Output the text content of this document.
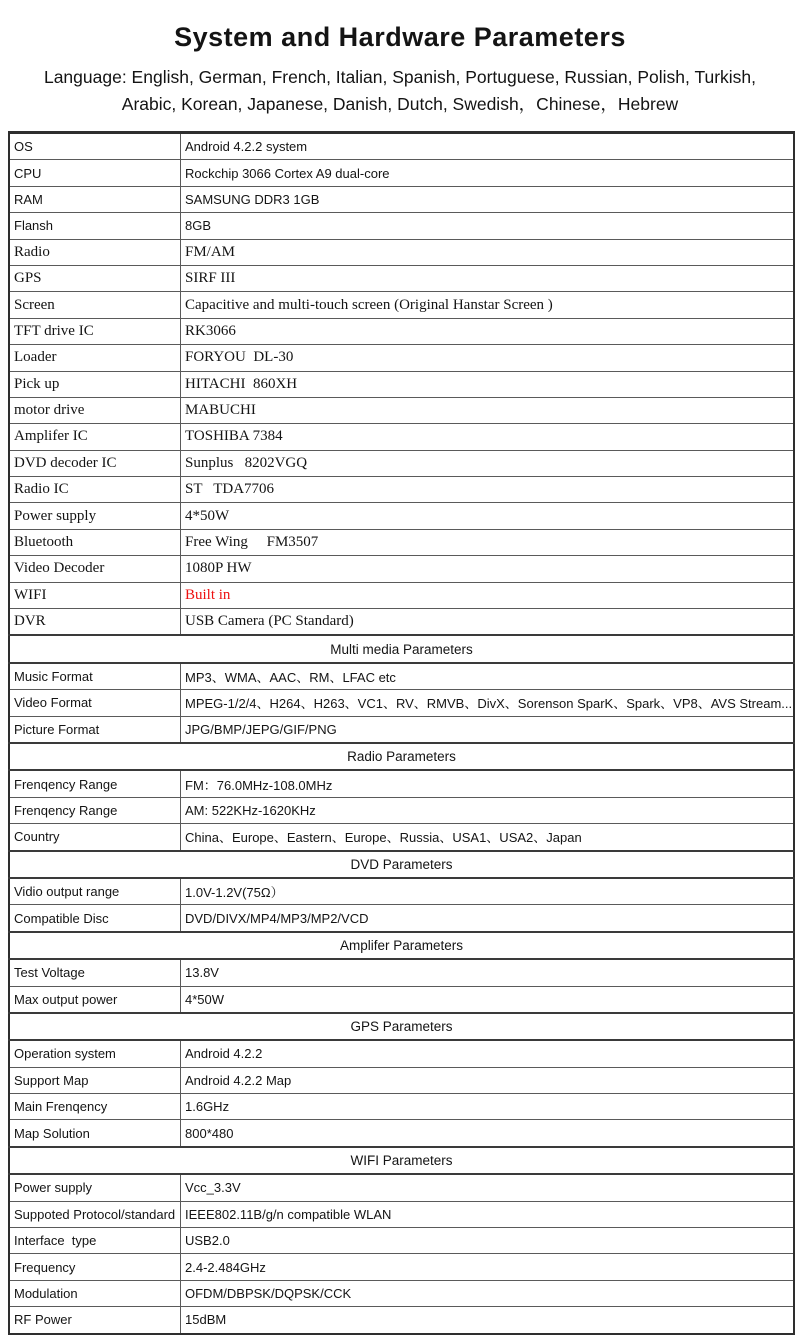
System and Hardware Parameters
Language: English, German, French, Italian, Spanish, Portuguese, Russian, Polish, Turkish,
Arabic, Korean, Japanese, Danish, Dutch, Swedish，Chinese，Hebrew
OS	Android 4.2.2 system
CPU	Rockchip 3066 Cortex A9 dual-core
RAM	SAMSUNG DDR3 1GB
Flansh	8GB
Radio	FM/AM
GPS	SIRF III
Screen	Capacitive and multi-touch screen (Original Hanstar Screen )
TFT drive IC	RK3066
Loader	FORYOU  DL-30
Pick up	HITACHI  860XH
motor drive	MABUCHI
Amplifer IC	TOSHIBA 7384
DVD decoder IC	Sunplus   8202VGQ
Radio IC	ST   TDA7706
Power supply	4*50W
Bluetooth	Free Wing     FM3507
Video Decoder	1080P HW
WIFI	Built in
DVR	USB Camera (PC Standard)
Multi media Parameters	
Music Format	MP3、WMA、AAC、RM、LFAC etc
Video Format	MPEG-1/2/4、H264、H263、VC1、RV、RMVB、DivX、Sorenson SparK、Spark、VP8、AVS Stream...
Picture Format	JPG/BMP/JEPG/GIF/PNG
Radio Parameters	
Frenqency Range	FM：76.0MHz-108.0MHz
Frenqency Range	AM: 522KHz-1620KHz
Country	China、Europe、Eastern、Europe、Russia、USA1、USA2、Japan
DVD Parameters	
Vidio output range	1.0V-1.2V(75Ω）
Compatible Disc	DVD/DIVX/MP4/MP3/MP2/VCD
Amplifer Parameters	
Test Voltage	13.8V
Max output power	4*50W
GPS Parameters	
Operation system	Android 4.2.2
Support Map	Android 4.2.2 Map
Main Frenqency	1.6GHz
Map Solution	800*480
WIFI Parameters	
Power supply	Vcc_3.3V
Suppoted Protocol/standard	IEEE802.11B/g/n compatible WLAN
Interface  type	USB2.0
Frequency	2.4-2.484GHz
Modulation	OFDM/DBPSK/DQPSK/CCK
RF Power	15dBM
